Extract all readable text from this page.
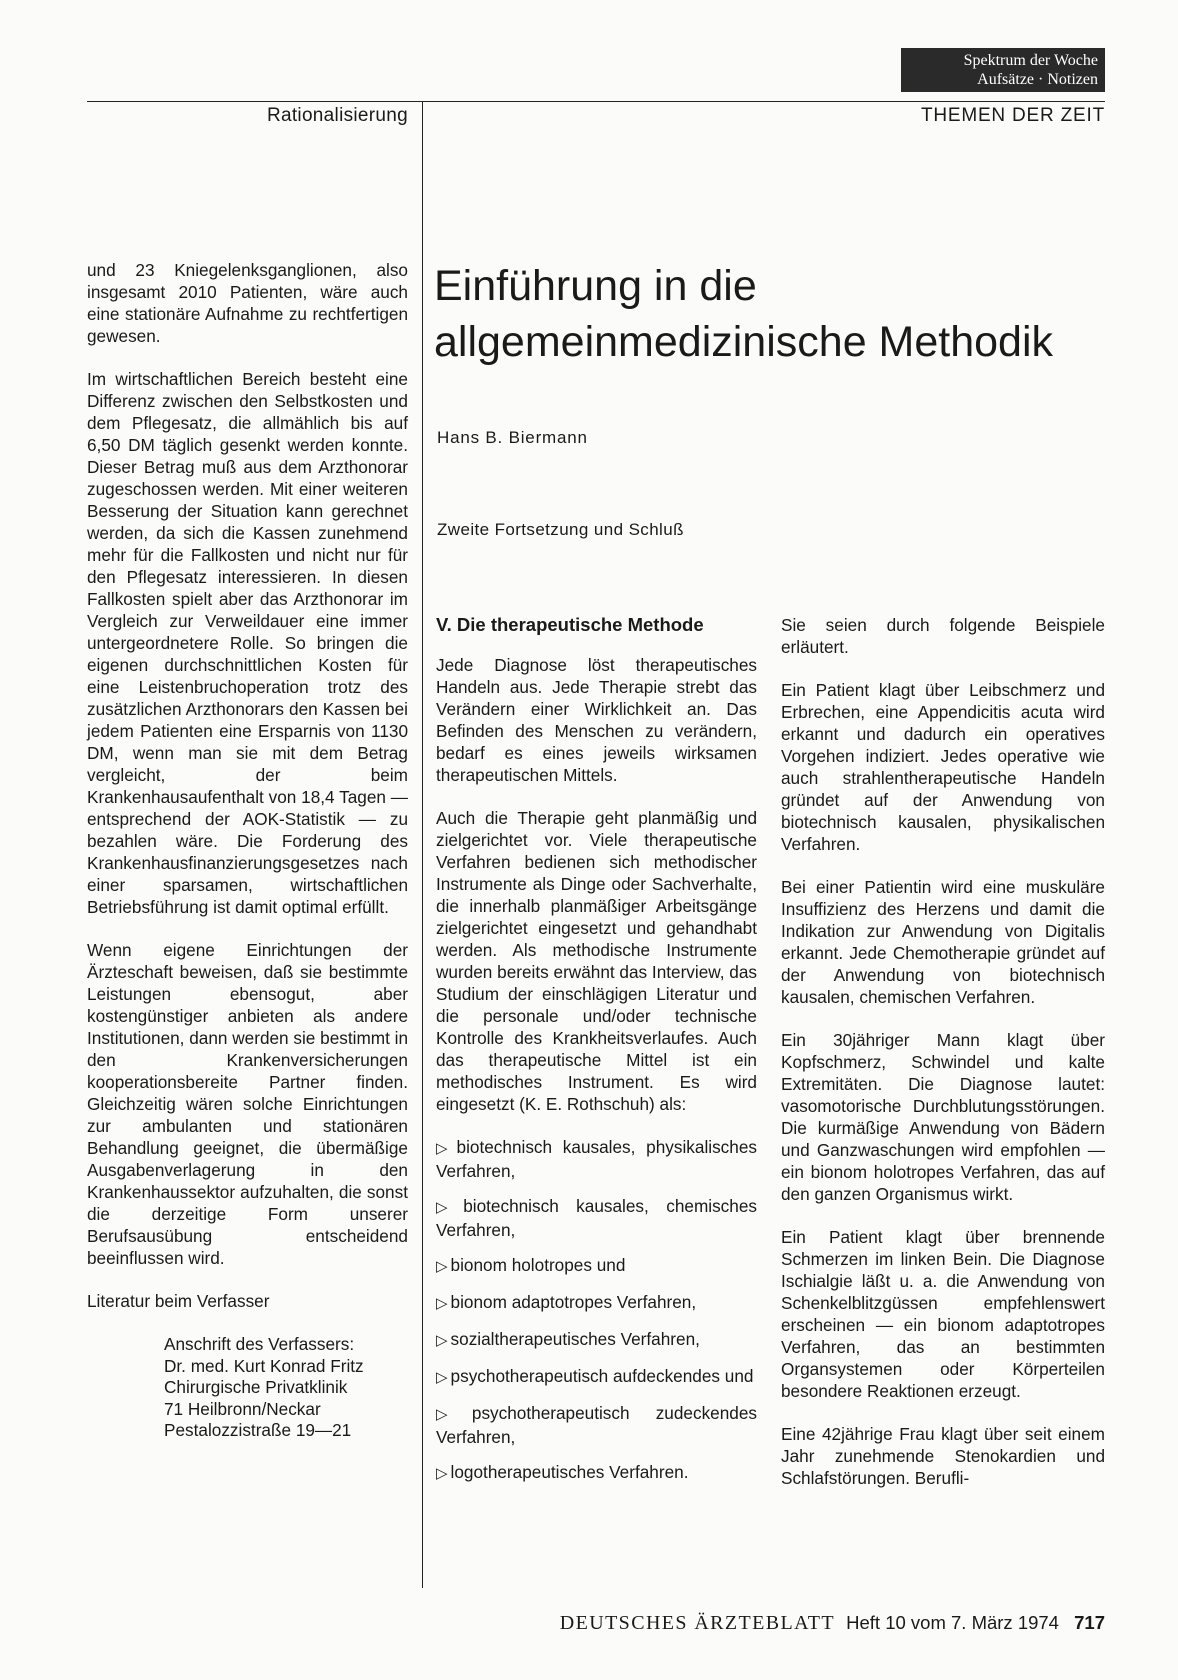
Spektrum der Woche
Aufsätze · Notizen
Rationalisierung	THEMEN DER ZEIT

und 23 Kniegelenksganglionen, also insgesamt 2010 Patienten, wäre auch eine stationäre Aufnahme zu rechtfertigen gewesen.

Im wirtschaftlichen Bereich besteht eine Differenz zwischen den Selbstkosten und dem Pflegesatz, die allmählich bis auf 6,50 DM täglich gesenkt werden konnte. Dieser Betrag muß aus dem Arzthonorar zugeschossen werden. Mit einer weiteren Besserung der Situation kann gerechnet werden, da sich die Kassen zunehmend mehr für die Fallkosten und nicht nur für den Pflegesatz interessieren. In diesen Fallkosten spielt aber das Arzthonorar im Vergleich zur Verweildauer eine immer untergeordnetere Rolle. So bringen die eigenen durchschnittlichen Kosten für eine Leistenbruchoperation trotz des zusätzlichen Arzthonorars den Kassen bei jedem Patienten eine Ersparnis von 1130 DM, wenn man sie mit dem Betrag vergleicht, der beim Krankenhausaufenthalt von 18,4 Tagen — entsprechend der AOK-Statistik — zu bezahlen wäre. Die Forderung des Krankenhausfinanzierungsgesetzes nach einer sparsamen, wirtschaftlichen Betriebsführung ist damit optimal erfüllt.

Wenn eigene Einrichtungen der Ärzteschaft beweisen, daß sie bestimmte Leistungen ebensogut, aber kostengünstiger anbieten als andere Institutionen, dann werden sie bestimmt in den Krankenversicherungen kooperationsbereite Partner finden. Gleichzeitig wären solche Einrichtungen zur ambulanten und stationären Behandlung geeignet, die übermäßige Ausgabenverlagerung in den Krankenhaussektor aufzuhalten, die sonst die derzeitige Form unserer Berufsausübung entscheidend beeinflussen wird.

Literatur beim Verfasser
Anschrift des Verfassers:
Dr. med. Kurt Konrad Fritz
Chirurgische Privatklinik
71 Heilbronn/Neckar
Pestalozzistraße 19—21
Einführung in die
allgemeinmedizinische Methodik
Hans B. Biermann
Zweite Fortsetzung und Schluß
V. Die therapeutische Methode

Jede Diagnose löst therapeutisches Handeln aus. Jede Therapie strebt das Verändern einer Wirklichkeit an. Das Befinden des Menschen zu verändern, bedarf es eines jeweils wirksamen therapeutischen Mittels.

Auch die Therapie geht planmäßig und zielgerichtet vor. Viele therapeutische Verfahren bedienen sich methodischer Instrumente als Dinge oder Sachverhalte, die innerhalb planmäßiger Arbeitsgänge zielgerichtet eingesetzt und gehandhabt werden. Als methodische Instrumente wurden bereits erwähnt das Interview, das Studium der einschlägigen Literatur und die personale und/oder technische Kontrolle des Krankheitsverlaufes. Auch das therapeutische Mittel ist ein methodisches Instrument. Es wird eingesetzt (K. E. Rothschuh) als:

▷ biotechnisch kausales, physikalisches Verfahren,
▷ biotechnisch kausales, chemisches Verfahren,
▷ bionom holotropes und
▷ bionom adaptotropes Verfahren,
▷ sozialtherapeutisches Verfahren,
▷ psychotherapeutisch aufdeckendes und
▷ psychotherapeutisch zudeckendes Verfahren,
▷ logotherapeutisches Verfahren.

Sie seien durch folgende Beispiele erläutert.

Ein Patient klagt über Leibschmerz und Erbrechen, eine Appendicitis acuta wird erkannt und dadurch ein operatives Vorgehen indiziert. Jedes operative wie auch strahlentherapeutische Handeln gründet auf der Anwendung von biotechnisch kausalen, physikalischen Verfahren.

Bei einer Patientin wird eine muskuläre Insuffizienz des Herzens und damit die Indikation zur Anwendung von Digitalis erkannt. Jede Chemotherapie gründet auf der Anwendung von biotechnisch kausalen, chemischen Verfahren.

Ein 30jähriger Mann klagt über Kopfschmerz, Schwindel und kalte Extremitäten. Die Diagnose lautet: vasomotorische Durchblutungsstörungen. Die kurmäßige Anwendung von Bädern und Ganzwaschungen wird empfohlen — ein bionom holotropes Verfahren, das auf den ganzen Organismus wirkt.

Ein Patient klagt über brennende Schmerzen im linken Bein. Die Diagnose Ischialgie läßt u. a. die Anwendung von Schenkelblitzgüssen empfehlenswert erscheinen — ein bionom adaptotropes Verfahren, das an bestimmten Organsystemen oder Körperteilen besondere Reaktionen erzeugt.

Eine 42jährige Frau klagt über seit einem Jahr zunehmende Stenokardien und Schlafstörungen. Berufli-

DEUTSCHES ÄRZTEBLATT Heft 10 vom 7. März 1974 717
